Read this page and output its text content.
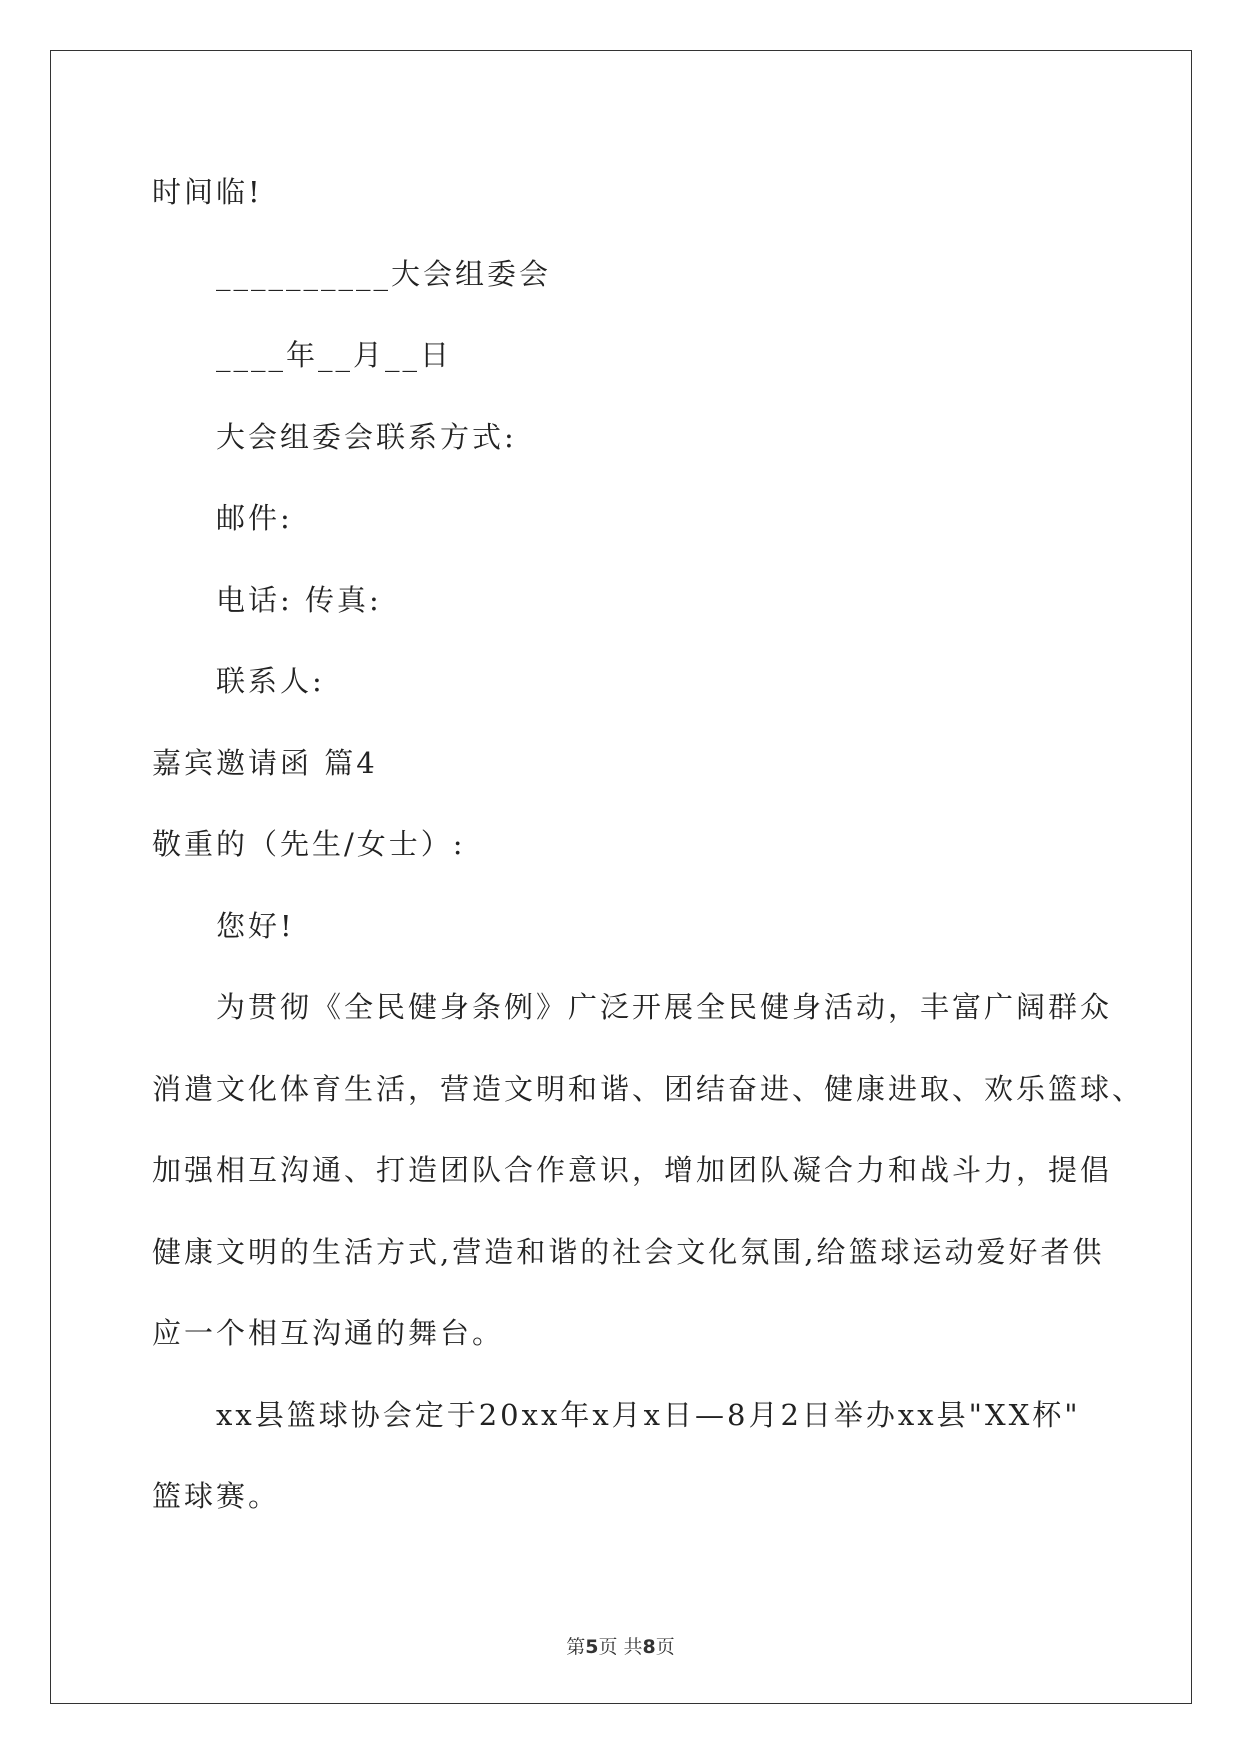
时间临!
__________大会组委会
____年__月__日
大会组委会联系方式:
邮件:
电话: 传真:
联系人:
嘉宾邀请函 篇4
敬重的（先生/女士）:
您好!
为贯彻《全民健身条例》广泛开展全民健身活动，丰富广阔群众
消遣文化体育生活，营造文明和谐、团结奋进、健康进取、欢乐篮球、
加强相互沟通、打造团队合作意识，增加团队凝合力和战斗力，提倡
健康文明的生活方式,营造和谐的社会文化氛围,给篮球运动爱好者供
应一个相互沟通的舞台。
xx县篮球协会定于20xx年x月x日—8月2日举办xx县"XX杯"
篮球赛。
第5页 共8页
